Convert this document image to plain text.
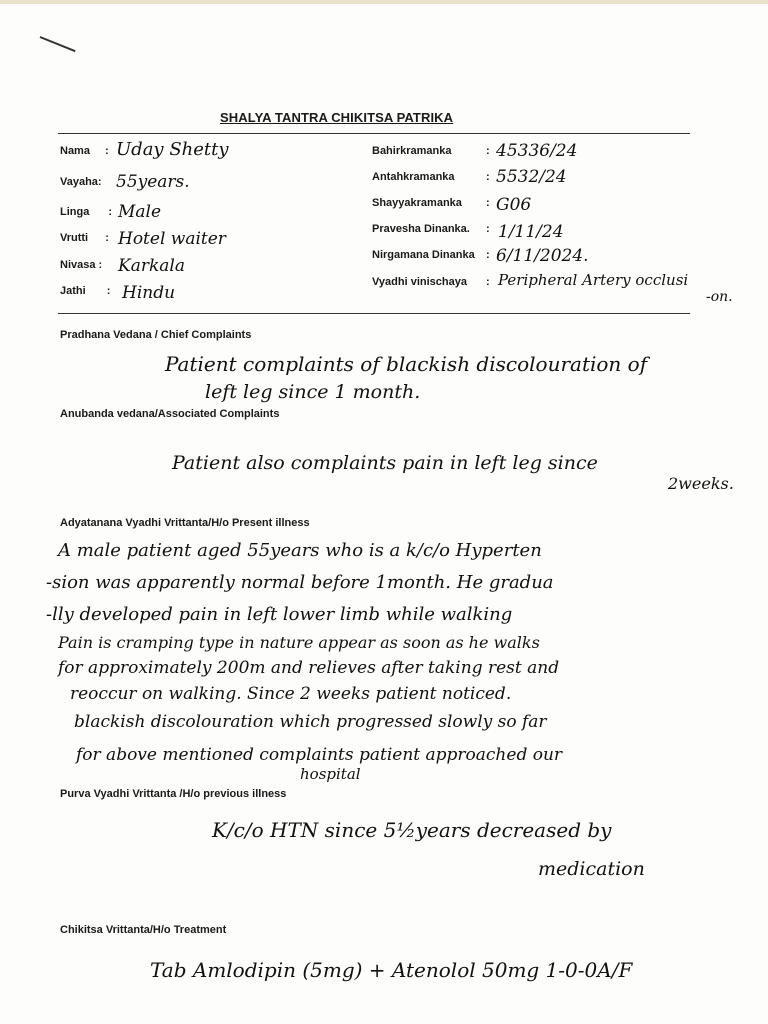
SHALYA TANTRA CHIKITSA PATRIKA
Nama : Uday Shetty
Vayaha: 55years.
Linga : Male
Vrutti : Hotel waiter
Nivasa : Karkala
Jathi : Hindu
Bahirkramanka	: 45336/24
Antahkramanka	: 5532/24
Shayyakramanka : G06
Pravesha Dinanka. : 1/11/24
Nirgamana Dinanka : 6/11/2024.
Vyadhi vinischaya : Peripheral Artery occlusi
-on.
Pradhana Vedana / Chief Complaints
Patient complaints of blackish discolouration of
left leg since 1 month.
Anubanda vedana/Associated Complaints
Patient also complaints pain in left leg since
2weeks.
Adyatanana Vyadhi Vrittanta/H/o Present illness
A male patient aged 55years who is a k/c/o Hyperten
-sion was apparently normal before 1month. He gradua
-lly developed pain in left lower limb while walking
Pain is cramping type in nature appear as soon as he walks
for approximately 200m and relieves after taking rest and
reoccur on walking. Since 2 weeks patient noticed.
blackish discolouration which progressed slowly so far
for above mentioned complaints patient approached our
hospital
Purva Vyadhi Vrittanta /H/o previous illness
K/c/o HTN since 5½years decreased by
medication
Chikitsa Vrittanta/H/o Treatment
Tab Amlodipin (5mg) + Atenolol 50mg 1-0-0A/F
